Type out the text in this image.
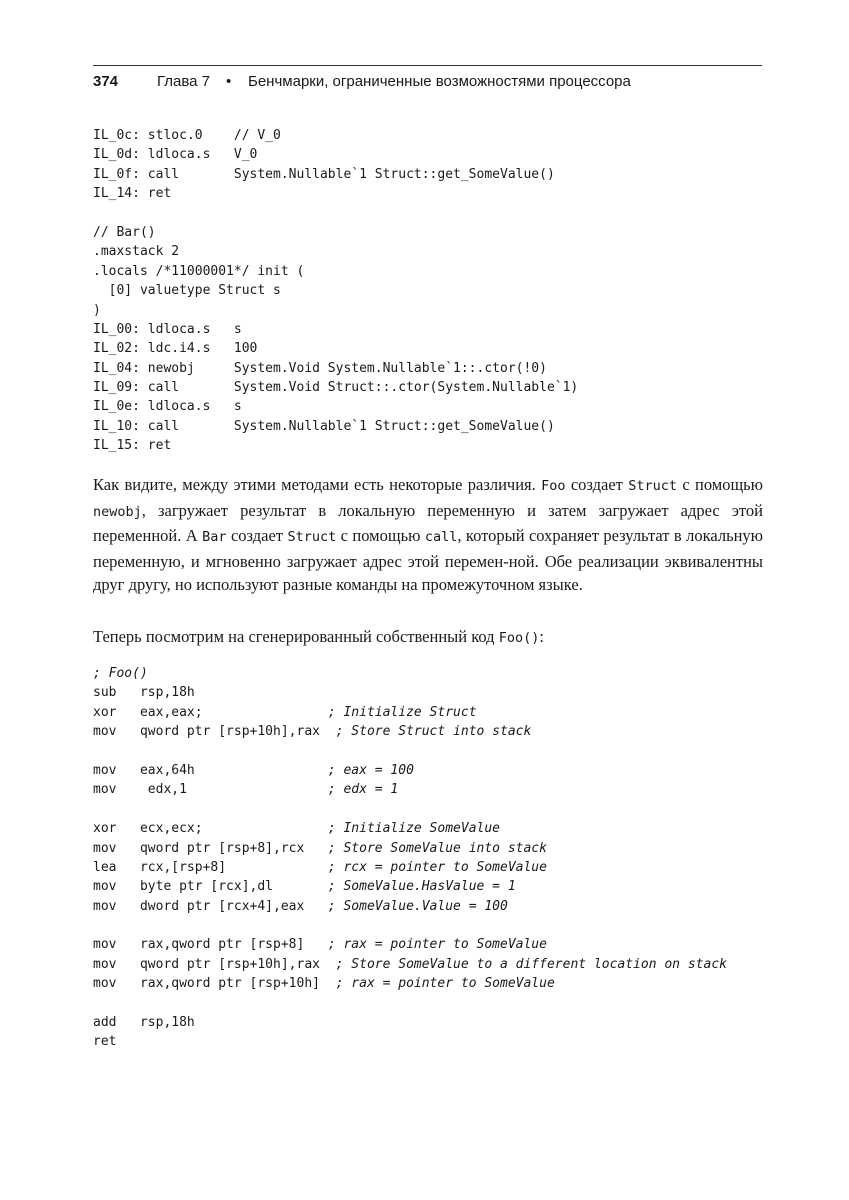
374	Глава 7 • Бенчмарки, ограниченные возможностями процессора
IL_0c: stloc.0    // V_0
IL_0d: ldloca.s   V_0
IL_0f: call       System.Nullable`1 Struct::get_SomeValue()
IL_14: ret
// Bar()
.maxstack 2
.locals /*11000001*/ init (
[0] valuetype Struct s
)
IL_00: ldloca.s   s
IL_02: ldc.i4.s   100
IL_04: newobj     System.Void System.Nullable`1::.ctor(!0)
IL_09: call       System.Void Struct::.ctor(System.Nullable`1)
IL_0e: ldloca.s   s
IL_10: call       System.Nullable`1 Struct::get_SomeValue()
IL_15: ret

Как видите, между этими методами есть некоторые различия. Foo создает Struct с помощью newobj, загружает результат в локальную переменную и затем загружает адрес этой переменной. А Bar создает Struct с помощью call, который сохраняет результат в локальную переменную, и мгновенно загружает адрес этой перемен-ной. Обе реализации эквивалентны друг другу, но используют разные команды на промежуточном языке.

Теперь посмотрим на сгенерированный собственный код Foo():

; Foo()
sub   rsp,18h
xor   eax,eax;                ; Initialize Struct
mov   qword ptr [rsp+10h],rax  ; Store Struct into stack
mov   eax,64h                 ; eax = 100
mov    edx,1                  ; edx = 1
xor   ecx,ecx;                ; Initialize SomeValue
mov   qword ptr [rsp+8],rcx   ; Store SomeValue into stack
lea   rcx,[rsp+8]             ; rcx = pointer to SomeValue
mov   byte ptr [rcx],dl       ; SomeValue.HasValue = 1
mov   dword ptr [rcx+4],eax   ; SomeValue.Value = 100
mov   rax,qword ptr [rsp+8]   ; rax = pointer to SomeValue
mov   qword ptr [rsp+10h],rax  ; Store SomeValue to a different location on stack
mov   rax,qword ptr [rsp+10h]  ; rax = pointer to SomeValue
add   rsp,18h
ret
